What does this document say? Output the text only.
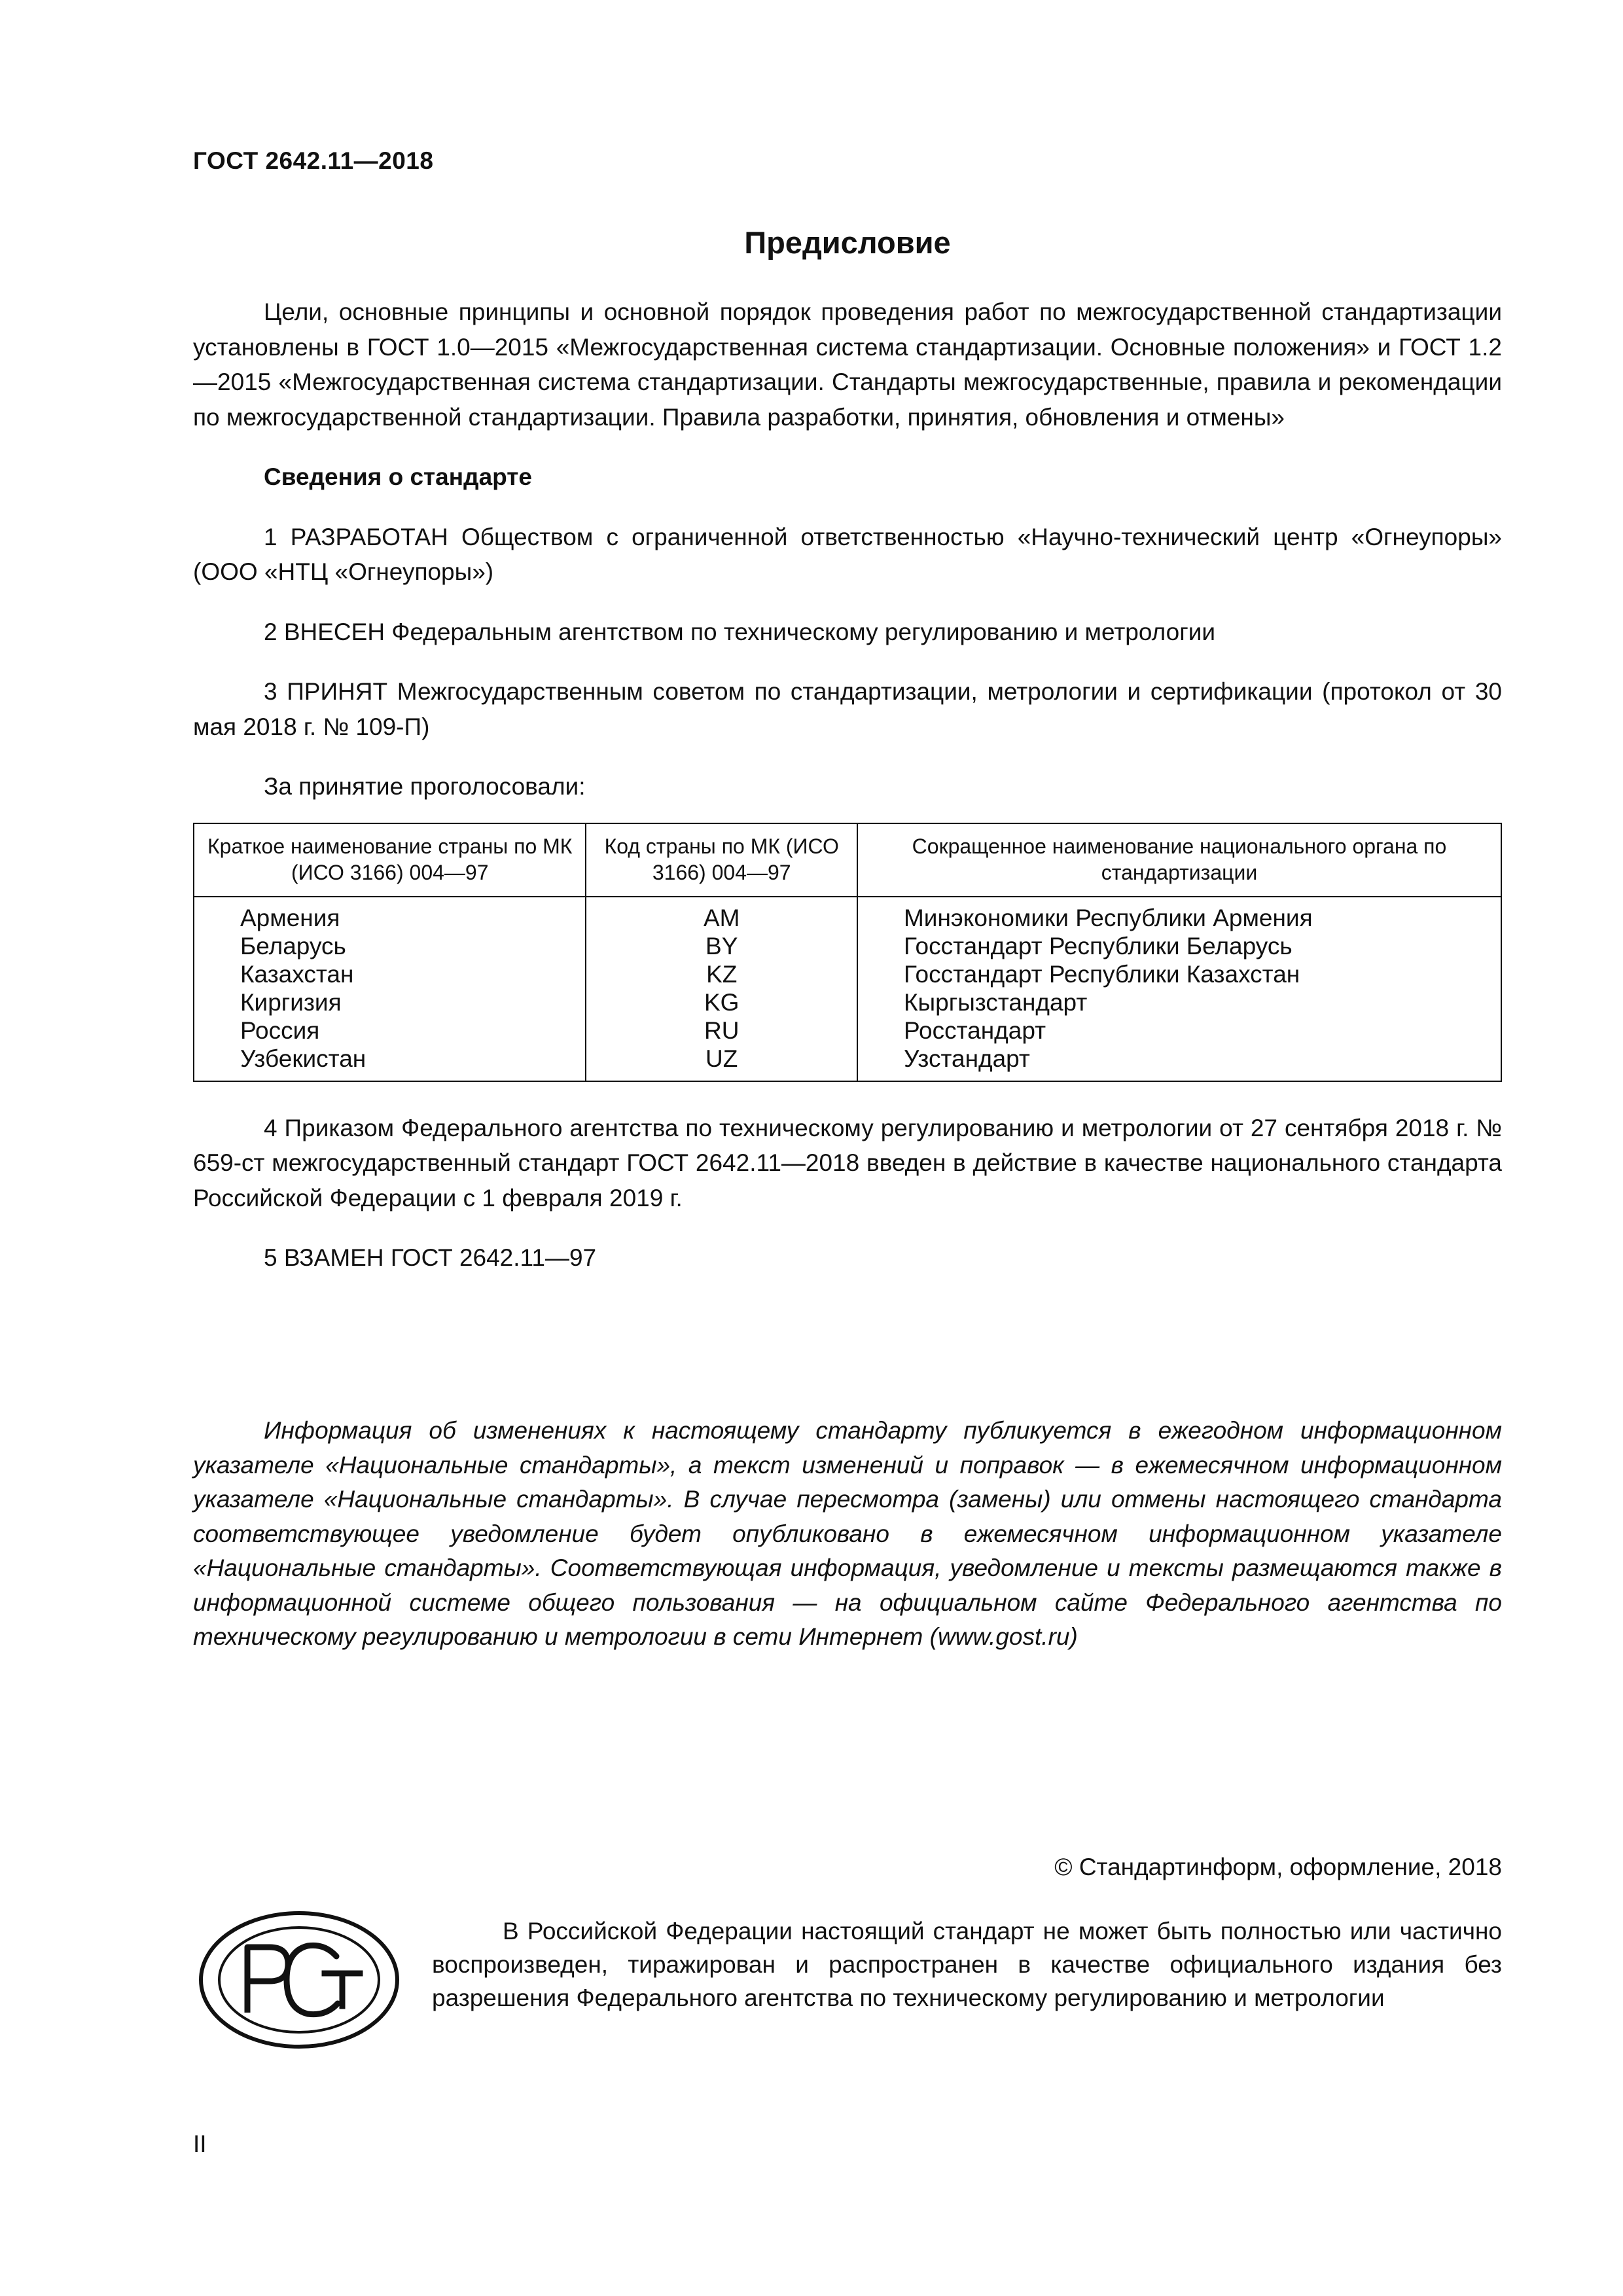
ГОСТ 2642.11—2018
Предисловие

Цели, основные принципы и основной порядок проведения работ по межгосударственной стандартизации установлены в ГОСТ 1.0—2015 «Межгосударственная система стандартизации. Основные положения» и ГОСТ 1.2—2015 «Межгосударственная система стандартизации. Стандарты межгосударственные, правила и рекомендации по межгосударственной стандартизации. Правила разработки, принятия, обновления и отмены»

Сведения о стандарте

1 РАЗРАБОТАН Обществом с ограниченной ответственностью «Научно-технический центр «Огнеупоры» (ООО «НТЦ «Огнеупоры»)

2 ВНЕСЕН Федеральным агентством по техническому регулированию и метрологии

3 ПРИНЯТ Межгосударственным советом по стандартизации, метрологии и сертификации (протокол от 30 мая 2018 г. № 109-П)

За принятие проголосовали:

Краткое наименование страны по МК (ИСО 3166) 004—97	Код страны по МК (ИСО 3166) 004—97	Сокращенное наименование национального органа по стандартизации
Армения	AM	Минэкономики Республики Армения
Беларусь	BY	Госстандарт Республики Беларусь
Казахстан	KZ	Госстандарт Республики Казахстан
Киргизия	KG	Кыргызстандарт
Россия	RU	Росстандарт
Узбекистан	UZ	Узстандарт

4 Приказом Федерального агентства по техническому регулированию и метрологии от 27 сентября 2018 г. № 659-ст межгосударственный стандарт ГОСТ 2642.11—2018 введен в действие в качестве национального стандарта Российской Федерации с 1 февраля 2019 г.

5 ВЗАМЕН ГОСТ 2642.11—97

Информация об изменениях к настоящему стандарту публикуется в ежегодном информационном указателе «Национальные стандарты», а текст изменений и поправок — в ежемесячном информационном указателе «Национальные стандарты». В случае пересмотра (замены) или отмены настоящего стандарта соответствующее уведомление будет опубликовано в ежемесячном информационном указателе «Национальные стандарты». Соответствующая информация, уведомление и тексты размещаются также в информационной системе общего пользования — на официальном сайте Федерального агентства по техническому регулированию и метрологии в сети Интернет (www.gost.ru)

© Стандартинформ, оформление, 2018

В Российской Федерации настоящий стандарт не может быть полностью или частично воспроизведен, тиражирован и распространен в качестве официального издания без разрешения Федерального агентства по техническому регулированию и метрологии

II
